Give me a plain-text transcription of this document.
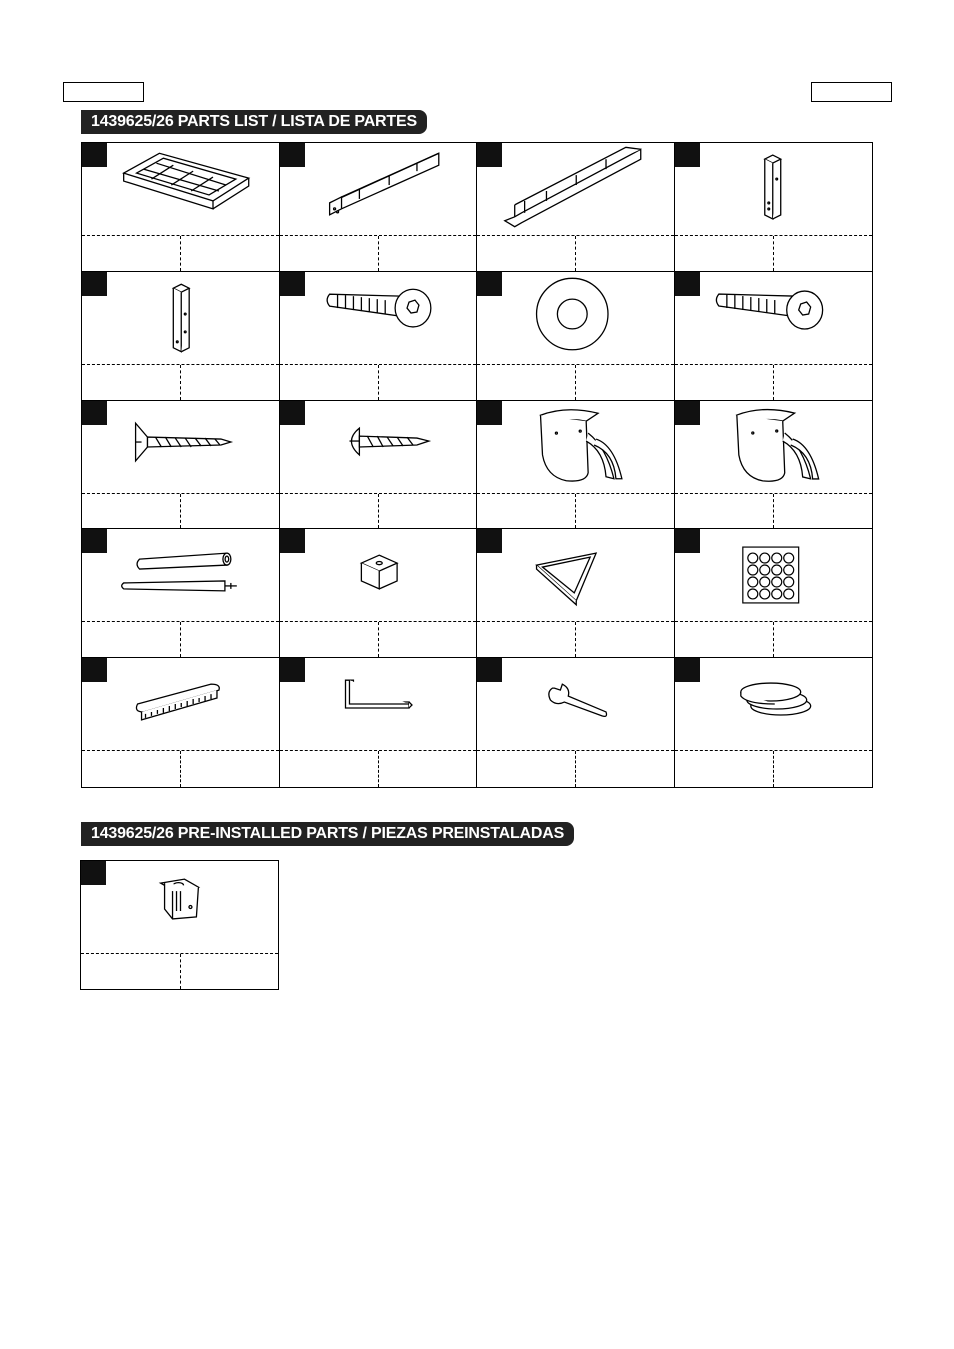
1439625/26 PARTS LIST / LISTA DE PARTES
1439625/26 PRE-INSTALLED PARTS / PIEZAS PREINSTALADAS
